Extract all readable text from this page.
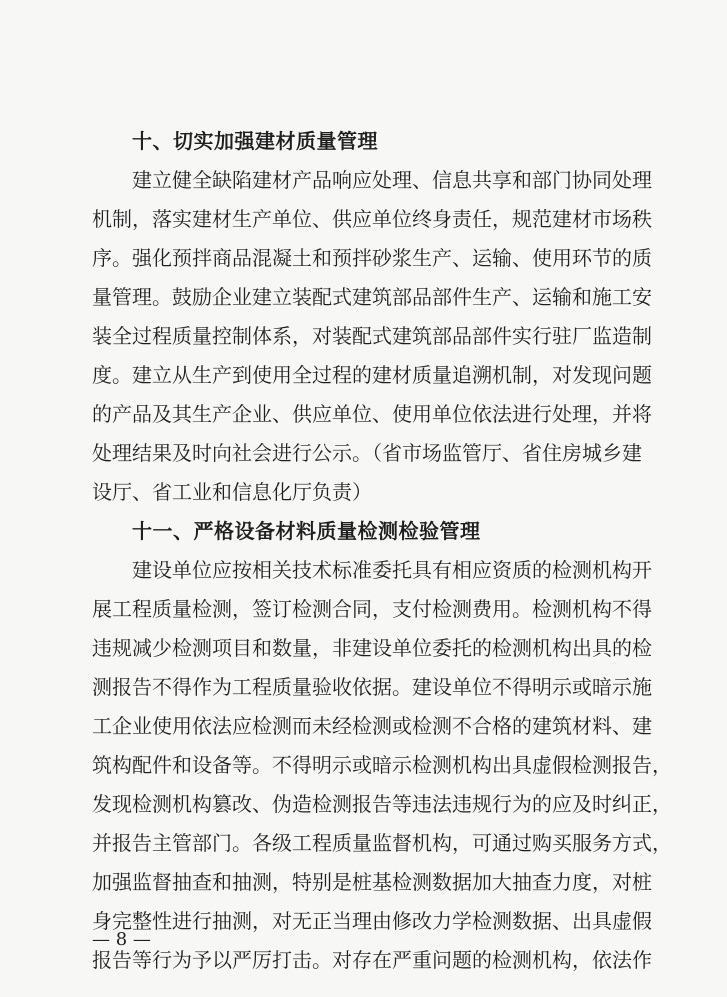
十、切实加强建材质量管理
建立健全缺陷建材产品响应处理、信息共享和部门协同处理
机制，落实建材生产单位、供应单位终身责任，规范建材市场秩
序。强化预拌商品混凝土和预拌砂浆生产、运输、使用环节的质
量管理。鼓励企业建立装配式建筑部品部件生产、运输和施工安
装全过程质量控制体系，对装配式建筑部品部件实行驻厂监造制
度。建立从生产到使用全过程的建材质量追溯机制，对发现问题
的产品及其生产企业、供应单位、使用单位依法进行处理，并将
处理结果及时向社会进行公示。（省市场监管厅、省住房城乡建
设厅、省工业和信息化厅负责）
十一、严格设备材料质量检测检验管理
建设单位应按相关技术标准委托具有相应资质的检测机构开
展工程质量检测，签订检测合同，支付检测费用。检测机构不得
违规减少检测项目和数量，非建设单位委托的检测机构出具的检
测报告不得作为工程质量验收依据。建设单位不得明示或暗示施
工企业使用依法应检测而未经检测或检测不合格的建筑材料、建
筑构配件和设备等。不得明示或暗示检测机构出具虚假检测报告，
发现检测机构篡改、伪造检测报告等违法违规行为的应及时纠正，
并报告主管部门。各级工程质量监督机构，可通过购买服务方式，
加强监督抽查和抽测，特别是桩基检测数据加大抽查力度，对桩
身完整性进行抽测，对无正当理由修改力学检测数据、出具虚假
报告等行为予以严厉打击。对存在严重问题的检测机构，依法作
— 8 —
